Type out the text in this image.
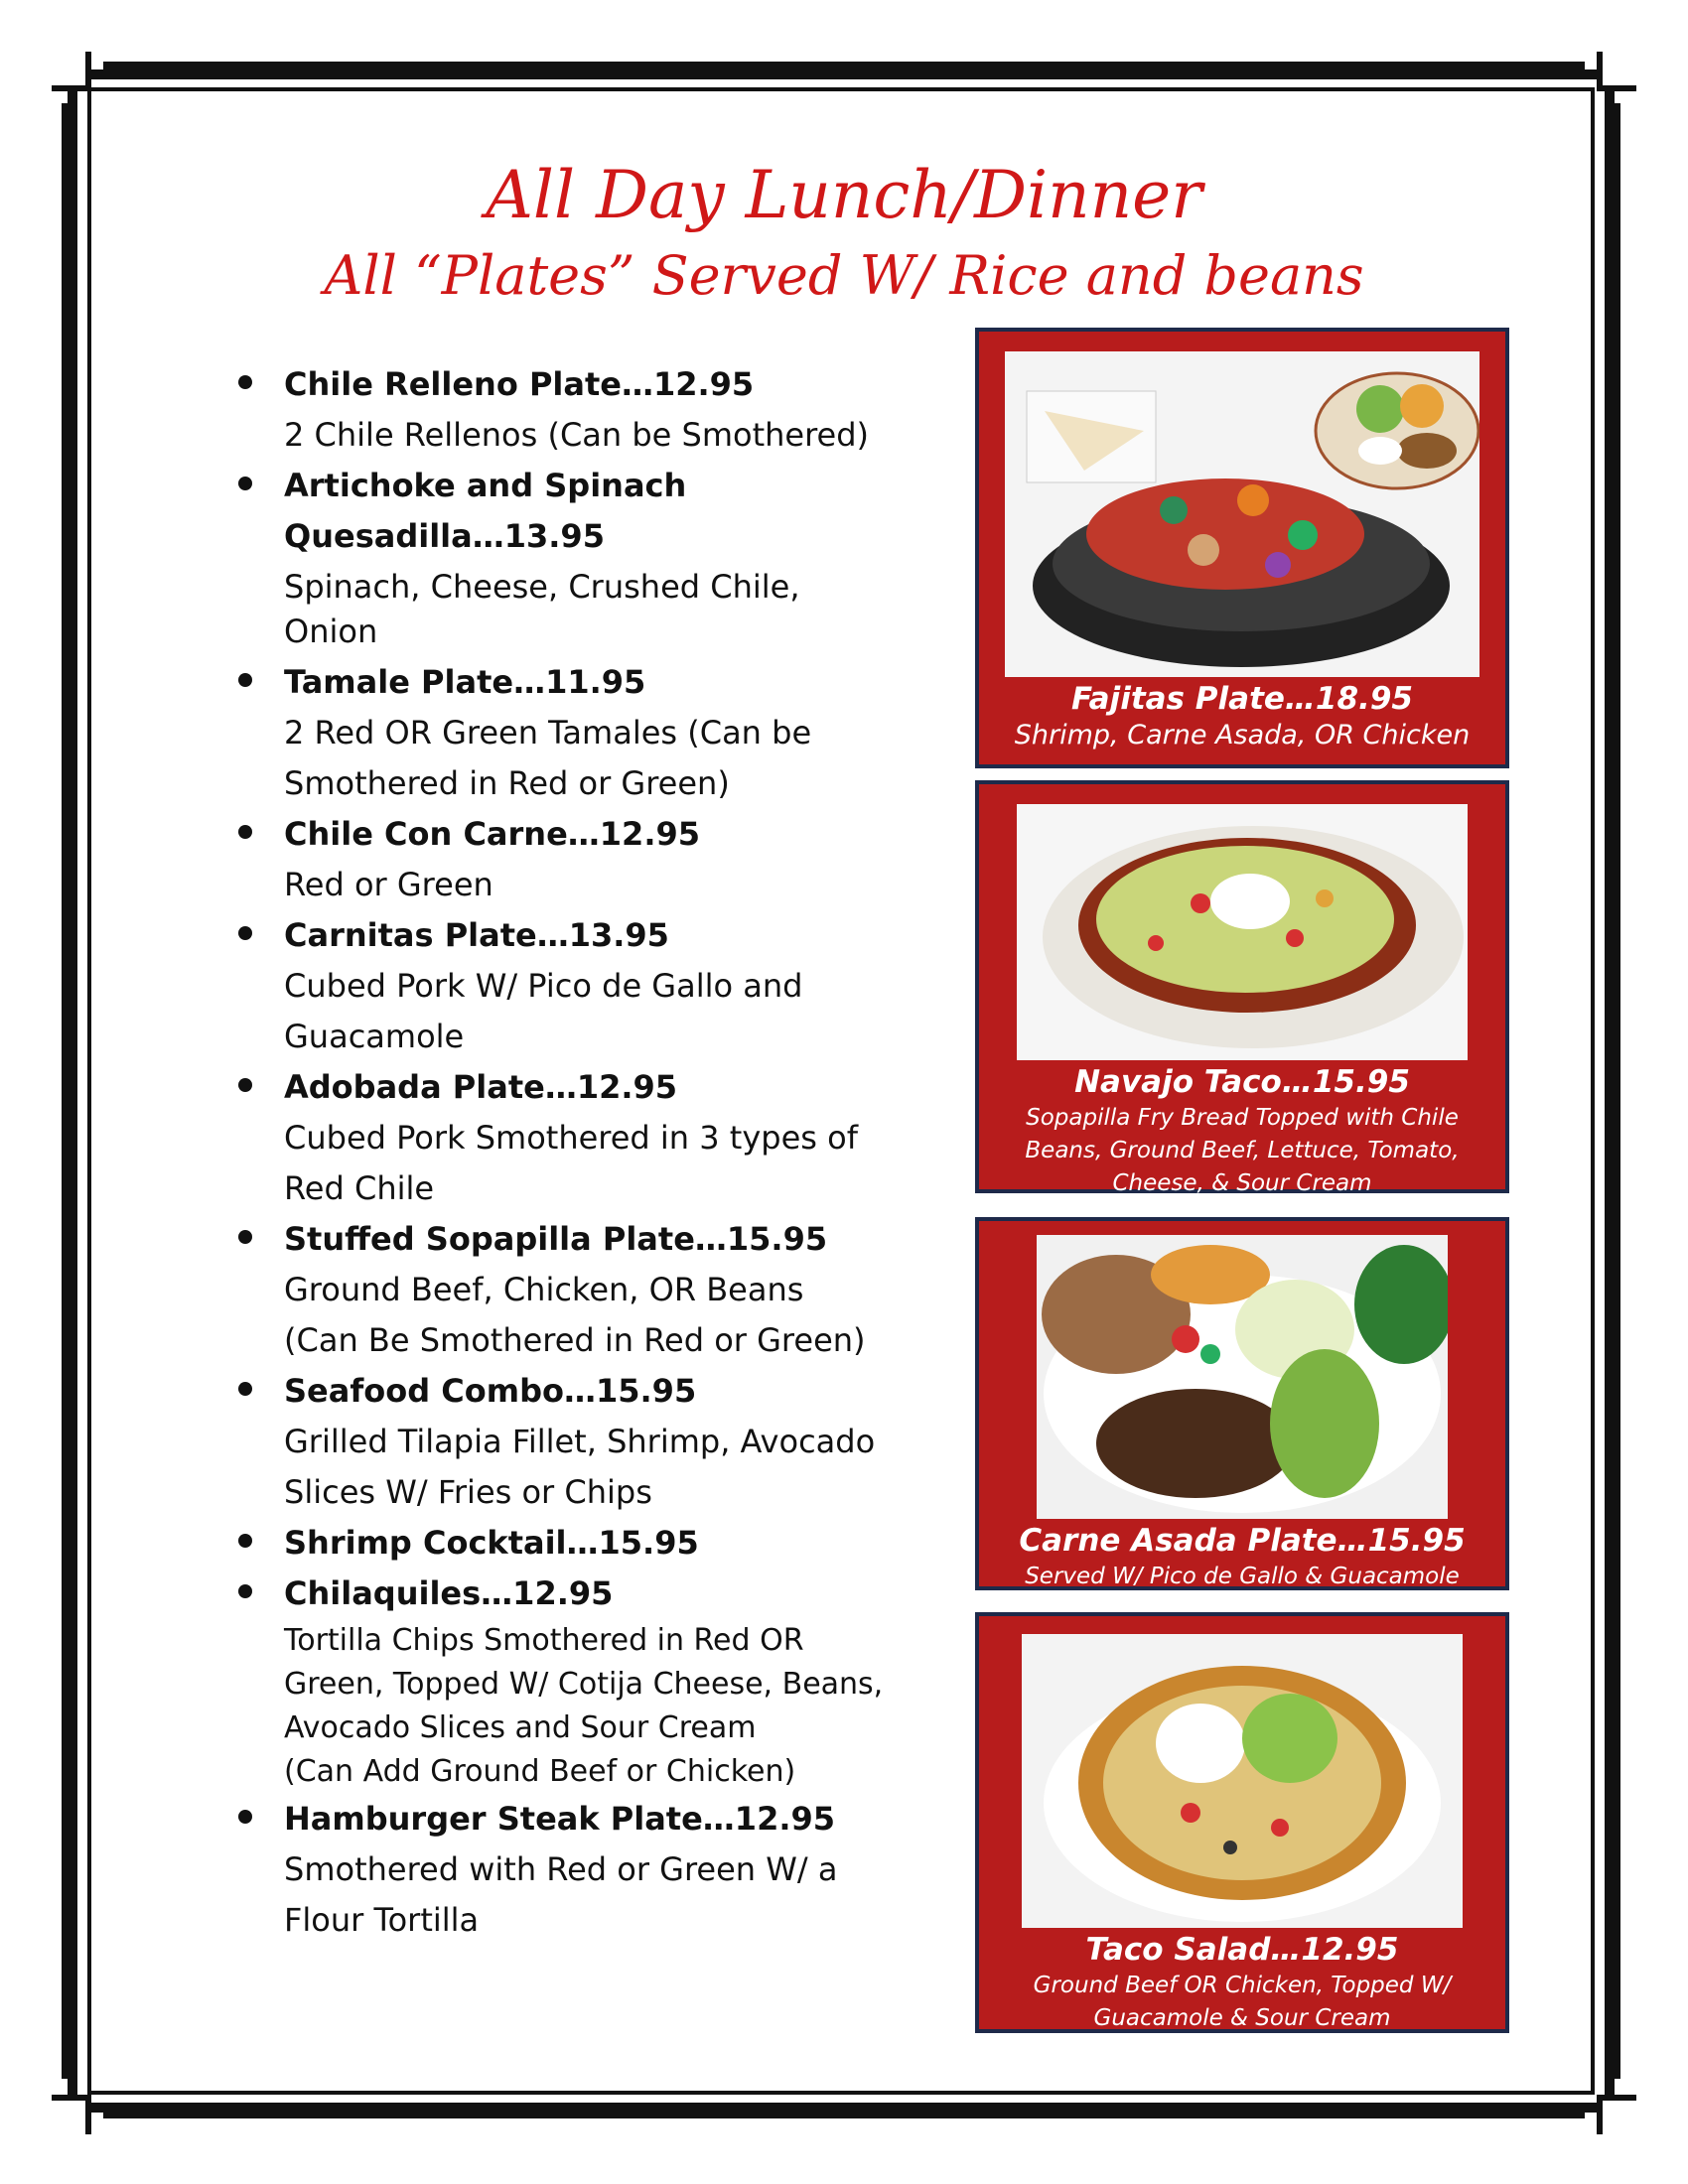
All Day Lunch/Dinner
All “Plates” Served W/ Rice and beans
Chile Relleno Plate…12.95
2 Chile Rellenos (Can be Smothered)
Artichoke and Spinach
Quesadilla…13.95
Spinach, Cheese, Crushed Chile,
Onion
Tamale Plate…11.95
2 Red OR Green Tamales (Can be
Smothered in Red or Green)
Chile Con Carne…12.95
Red or Green
Carnitas Plate…13.95
Cubed Pork W/ Pico de Gallo and
Guacamole
Adobada Plate…12.95
Cubed Pork Smothered in 3 types of
Red Chile
Stuffed Sopapilla Plate…15.95
Ground Beef, Chicken, OR Beans
(Can Be Smothered in Red or Green)
Seafood Combo…15.95
Grilled Tilapia Fillet, Shrimp, Avocado
Slices W/ Fries or Chips
Shrimp Cocktail…15.95
Chilaquiles…12.95
Tortilla Chips Smothered in Red OR
Green, Topped W/ Cotija Cheese, Beans,
Avocado Slices and Sour Cream
(Can Add Ground Beef or Chicken)
Hamburger Steak Plate…12.95
Smothered with Red or Green W/ a
Flour Tortilla
Fajitas Plate…18.95
Shrimp, Carne Asada, OR Chicken
Navajo Taco…15.95
Sopapilla Fry Bread Topped with Chile
Beans, Ground Beef, Lettuce, Tomato,
Cheese, & Sour Cream
Carne Asada Plate…15.95
Served W/ Pico de Gallo & Guacamole
Taco Salad…12.95
Ground Beef OR Chicken, Topped W/
Guacamole & Sour Cream
